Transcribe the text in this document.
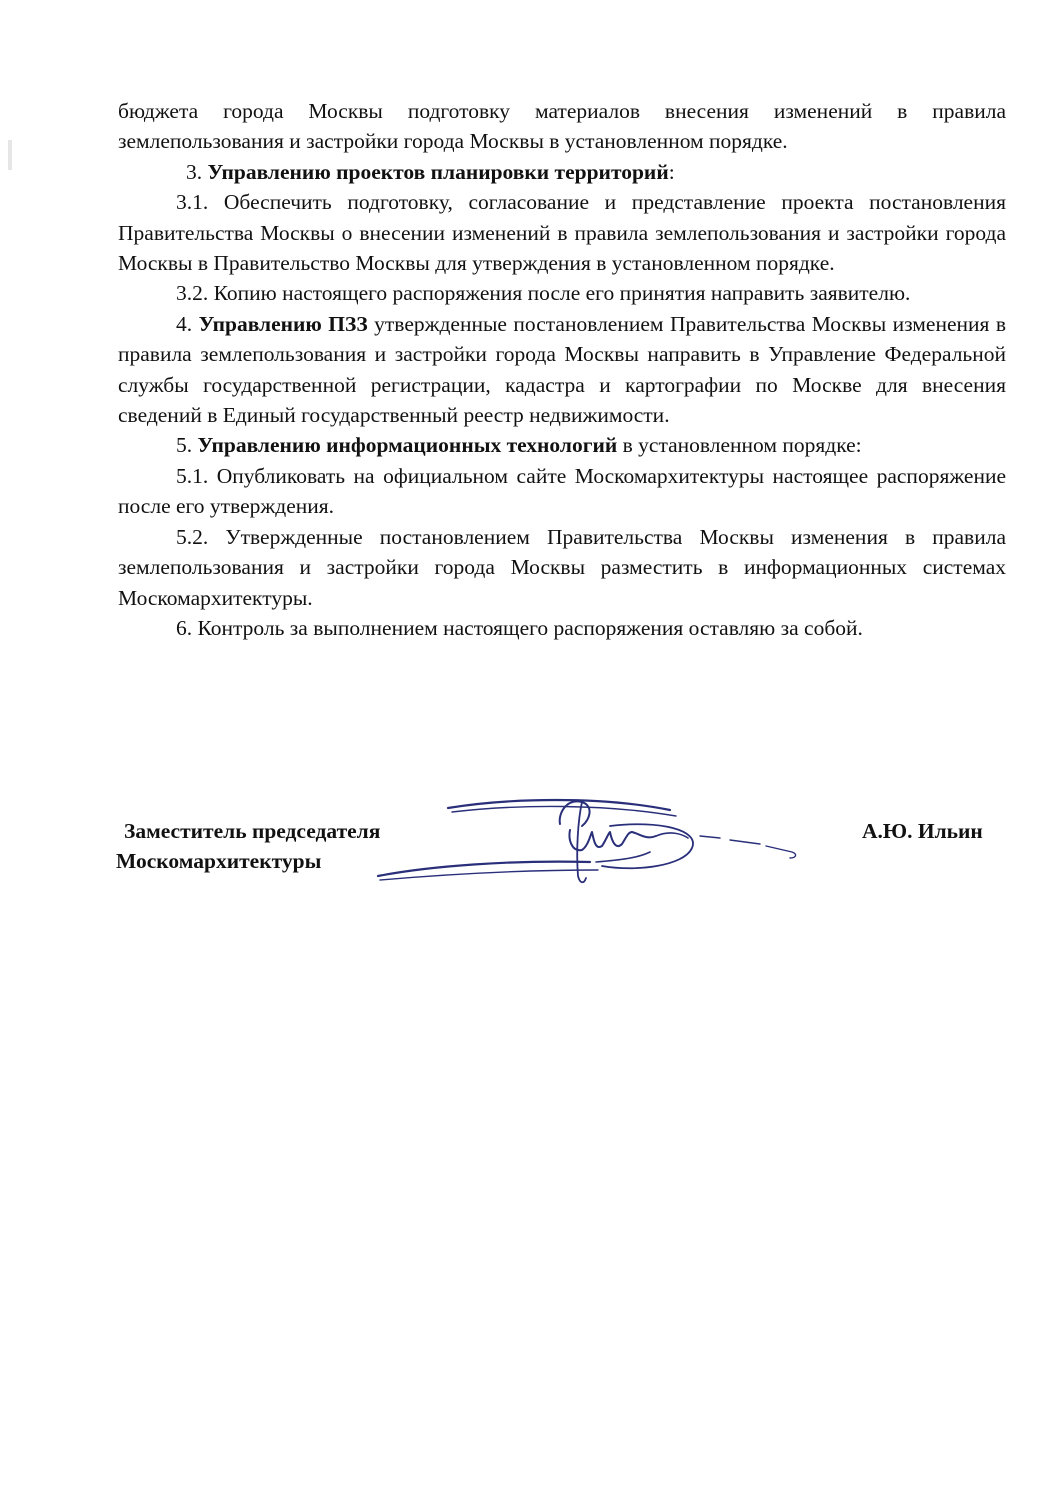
бюджета города Москвы подготовку материалов внесения изменений в правила землепользования и застройки города Москвы в установленном порядке.

3. Управлению проектов планировки территорий:

3.1. Обеспечить подготовку, согласование и представление проекта постановления Правительства Москвы о внесении изменений в правила землепользования и застройки города Москвы в Правительство Москвы для утверждения в установленном порядке.

3.2. Копию настоящего распоряжения после его принятия направить заявителю.

4. Управлению ПЗЗ утвержденные постановлением Правительства Москвы изменения в правила землепользования и застройки города Москвы направить в Управление Федеральной службы государственной регистрации, кадастра и картографии по Москве для внесения сведений в Единый государственный реестр недвижимости.

5. Управлению информационных технологий в установленном порядке:

5.1. Опубликовать на официальном сайте Москомархитектуры настоящее распоряжение после его утверждения.

5.2. Утвержденные постановлением Правительства Москвы изменения в правила землепользования и застройки города Москвы разместить в информационных системах Москомархитектуры.

6. Контроль за выполнением настоящего распоряжения оставляю за собой.

Заместитель председателя
Москомархитектуры
А.Ю. Ильин
